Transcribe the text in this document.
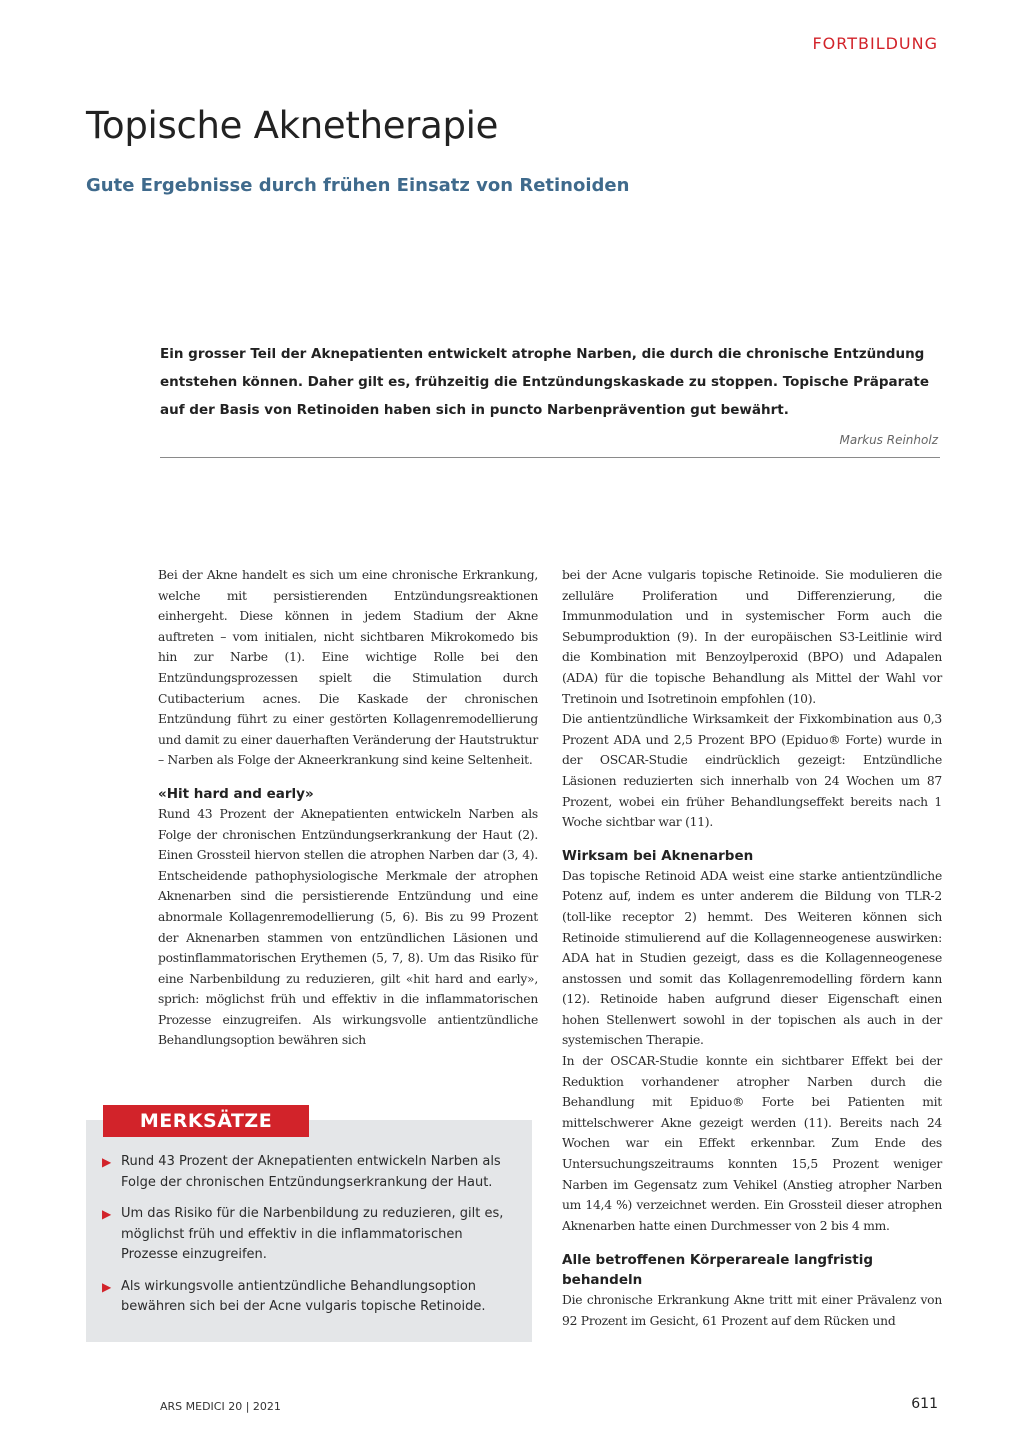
FORTBILDUNG
Topische Aknetherapie
Gute Ergebnisse durch frühen Einsatz von Retinoiden

Ein grosser Teil der Aknepatienten entwickelt atrophe Narben, die durch die chronische Entzündung entstehen können. Daher gilt es, frühzeitig die Entzündungskaskade zu stoppen. Topische Präparate auf der Basis von Retinoiden haben sich in puncto Narbenprävention gut bewährt.

Markus Reinholz

Bei der Akne handelt es sich um eine chronische Erkrankung, welche mit persistierenden Entzündungsreaktionen einhergeht. Diese können in jedem Stadium der Akne auftreten – vom initialen, nicht sichtbaren Mikrokomedo bis hin zur Narbe (1). Eine wichtige Rolle bei den Entzündungsprozessen spielt die Stimulation durch Cutibacterium acnes. Die Kaskade der chronischen Entzündung führt zu einer gestörten Kollagenremodellierung und damit zu einer dauerhaften Veränderung der Hautstruktur – Narben als Folge der Akneerkrankung sind keine Seltenheit.

«Hit hard and early»

Rund 43 Prozent der Aknepatienten entwickeln Narben als Folge der chronischen Entzündungserkrankung der Haut (2). Einen Grossteil hiervon stellen die atrophen Narben dar (3, 4). Entscheidende pathophysiologische Merkmale der atrophen Aknenarben sind die persistierende Entzündung und eine abnormale Kollagenremodellierung (5, 6). Bis zu 99 Prozent der Aknenarben stammen von entzündlichen Läsionen und postinflammatorischen Erythemen (5, 7, 8). Um das Risiko für eine Narbenbildung zu reduzieren, gilt «hit hard and early», sprich: möglichst früh und effektiv in die inflammatorischen Prozesse einzugreifen. Als wirkungsvolle antientzündliche Behandlungsoption bewähren sich

bei der Acne vulgaris topische Retinoide. Sie modulieren die zelluläre Proliferation und Differenzierung, die Immunmodulation und in systemischer Form auch die Sebumproduktion (9). In der europäischen S3-Leitlinie wird die Kombination mit Benzoylperoxid (BPO) und Adapalen (ADA) für die topische Behandlung als Mittel der Wahl vor Tretinoin und Isotretinoin empfohlen (10).

Die antientzündliche Wirksamkeit der Fixkombination aus 0,3 Prozent ADA und 2,5 Prozent BPO (Epiduo® Forte) wurde in der OSCAR-Studie eindrücklich gezeigt: Entzündliche Läsionen reduzierten sich innerhalb von 24 Wochen um 87 Prozent, wobei ein früher Behandlungseffekt bereits nach 1 Woche sichtbar war (11).

Wirksam bei Aknenarben

Das topische Retinoid ADA weist eine starke antientzündliche Potenz auf, indem es unter anderem die Bildung von TLR-2 (toll-like receptor 2) hemmt. Des Weiteren können sich Retinoide stimulierend auf die Kollagenneogenese auswirken: ADA hat in Studien gezeigt, dass es die Kollagenneogenese anstossen und somit das Kollagenremodelling fördern kann (12). Retinoide haben aufgrund dieser Eigenschaft einen hohen Stellenwert sowohl in der topischen als auch in der systemischen Therapie.

In der OSCAR-Studie konnte ein sichtbarer Effekt bei der Reduktion vorhandener atropher Narben durch die Behandlung mit Epiduo® Forte bei Patienten mit mittelschwerer Akne gezeigt werden (11). Bereits nach 24 Wochen war ein Effekt erkennbar. Zum Ende des Untersuchungszeitraums konnten 15,5 Prozent weniger Narben im Gegensatz zum Vehikel (Anstieg atropher Narben um 14,4 %) verzeichnet werden. Ein Grossteil dieser atrophen Aknenarben hatte einen Durchmesser von 2 bis 4 mm.

Alle betroffenen Körperareale langfristig behandeln

Die chronische Erkrankung Akne tritt mit einer Prävalenz von 92 Prozent im Gesicht, 61 Prozent auf dem Rücken und

MERKSÄTZE
▶ Rund 43 Prozent der Aknepatienten entwickeln Narben als Folge der chronischen Entzündungserkrankung der Haut.
▶ Um das Risiko für die Narbenbildung zu reduzieren, gilt es, möglichst früh und effektiv in die inflammatorischen Prozesse einzugreifen.
▶ Als wirkungsvolle antientzündliche Behandlungsoption bewähren sich bei der Acne vulgaris topische Retinoide.
ARS MEDICI 20 | 2021	611
